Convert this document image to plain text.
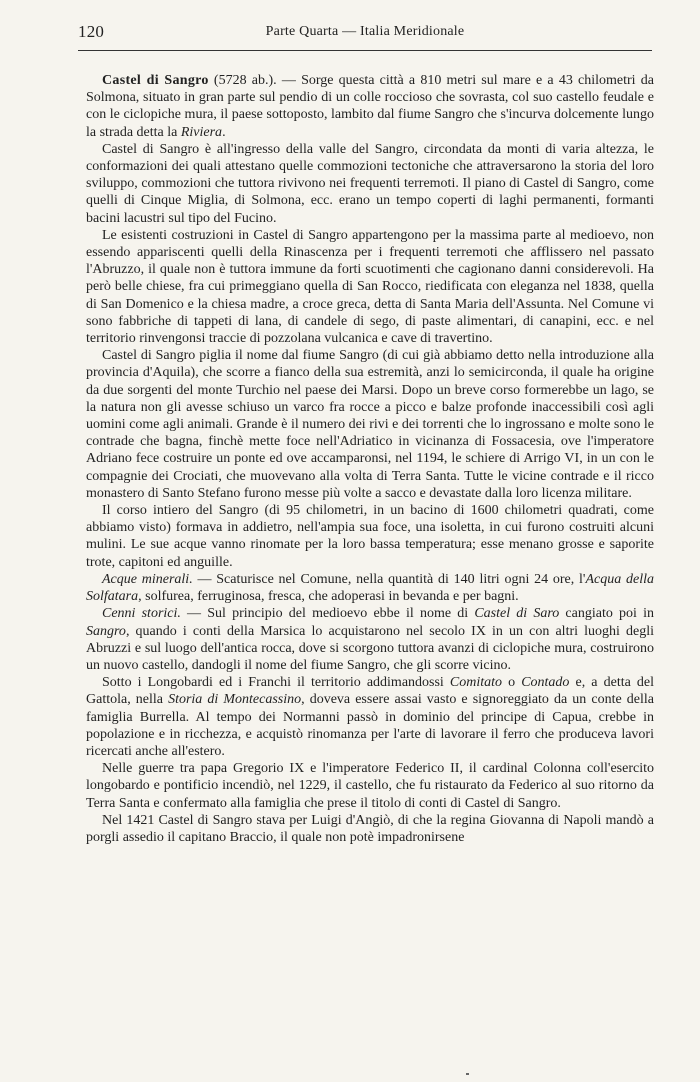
120	Parte Quarta — Italia Meridionale

Castel di Sangro (5728 ab.). — Sorge questa città a 810 metri sul mare e a 43 chilometri da Solmona, situato in gran parte sul pendio di un colle roccioso che sovrasta, col suo castello feudale e con le ciclopiche mura, il paese sottoposto, lambito dal fiume Sangro che s'incurva dolcemente lungo la strada detta la Riviera.

Castel di Sangro è all'ingresso della valle del Sangro, circondata da monti di varia altezza, le conformazioni dei quali attestano quelle commozioni tectoniche che attraversarono la storia del loro sviluppo, commozioni che tuttora rivivono nei frequenti terremoti. Il piano di Castel di Sangro, come quelli di Cinque Miglia, di Solmona, ecc. erano un tempo coperti di laghi permanenti, formanti bacini lacustri sul tipo del Fucino.

Le esistenti costruzioni in Castel di Sangro appartengono per la massima parte al medioevo, non essendo appariscenti quelli della Rinascenza per i frequenti terremoti che afflissero nel passato l'Abruzzo, il quale non è tuttora immune da forti scuotimenti che cagionano danni considerevoli. Ha però belle chiese, fra cui primeggiano quella di San Rocco, riedificata con eleganza nel 1838, quella di San Domenico e la chiesa madre, a croce greca, detta di Santa Maria dell'Assunta. Nel Comune vi sono fabbriche di tappeti di lana, di candele di sego, di paste alimentari, di canapini, ecc. e nel territorio rinvengonsi traccie di pozzolana vulcanica e cave di travertino.

Castel di Sangro piglia il nome dal fiume Sangro (di cui già abbiamo detto nella introduzione alla provincia d'Aquila), che scorre a fianco della sua estremità, anzi lo semicirconda, il quale ha origine da due sorgenti del monte Turchio nel paese dei Marsi. Dopo un breve corso formerebbe un lago, se la natura non gli avesse schiuso un varco fra rocce a picco e balze profonde inaccessibili così agli uomini come agli animali. Grande è il numero dei rivi e dei torrenti che lo ingrossano e molte sono le contrade che bagna, finchè mette foce nell'Adriatico in vicinanza di Fossacesia, ove l'imperatore Adriano fece costruire un ponte ed ove accamparonsi, nel 1194, le schiere di Arrigo VI, in un con le compagnie dei Crociati, che muovevano alla volta di Terra Santa. Tutte le vicine contrade e il ricco monastero di Santo Stefano furono messe più volte a sacco e devastate dalla loro licenza militare.

Il corso intiero del Sangro (di 95 chilometri, in un bacino di 1600 chilometri quadrati, come abbiamo visto) formava in addietro, nell'ampia sua foce, una isoletta, in cui furono costruiti alcuni mulini. Le sue acque vanno rinomate per la loro bassa temperatura; esse menano grosse e saporite trote, capitoni ed anguille.

Acque minerali. — Scaturisce nel Comune, nella quantità di 140 litri ogni 24 ore, l'Acqua della Solfatara, solfurea, ferruginosa, fresca, che adoperasi in bevanda e per bagni.

Cenni storici. — Sul principio del medioevo ebbe il nome di Castel di Saro cangiato poi in Sangro, quando i conti della Marsica lo acquistarono nel secolo IX in un con altri luoghi degli Abruzzi e sul luogo dell'antica rocca, dove si scorgono tuttora avanzi di ciclopiche mura, costruirono un nuovo castello, dandogli il nome del fiume Sangro, che gli scorre vicino.

Sotto i Longobardi ed i Franchi il territorio addimandossi Comitato o Contado e, a detta del Gattola, nella Storia di Montecassino, doveva essere assai vasto e signoreggiato da un conte della famiglia Burrella. Al tempo dei Normanni passò in dominio del principe di Capua, crebbe in popolazione e in ricchezza, e acquistò rinomanza per l'arte di lavorare il ferro che produceva lavori ricercati anche all'estero.

Nelle guerre tra papa Gregorio IX e l'imperatore Federico II, il cardinal Colonna coll'esercito longobardo e pontificio incendiò, nel 1229, il castello, che fu ristaurato da Federico al suo ritorno da Terra Santa e confermato alla famiglia che prese il titolo di conti di Castel di Sangro.

Nel 1421 Castel di Sangro stava per Luigi d'Angiò, di che la regina Giovanna di Napoli mandò a porgli assedio il capitano Braccio, il quale non potè impadronirsene
